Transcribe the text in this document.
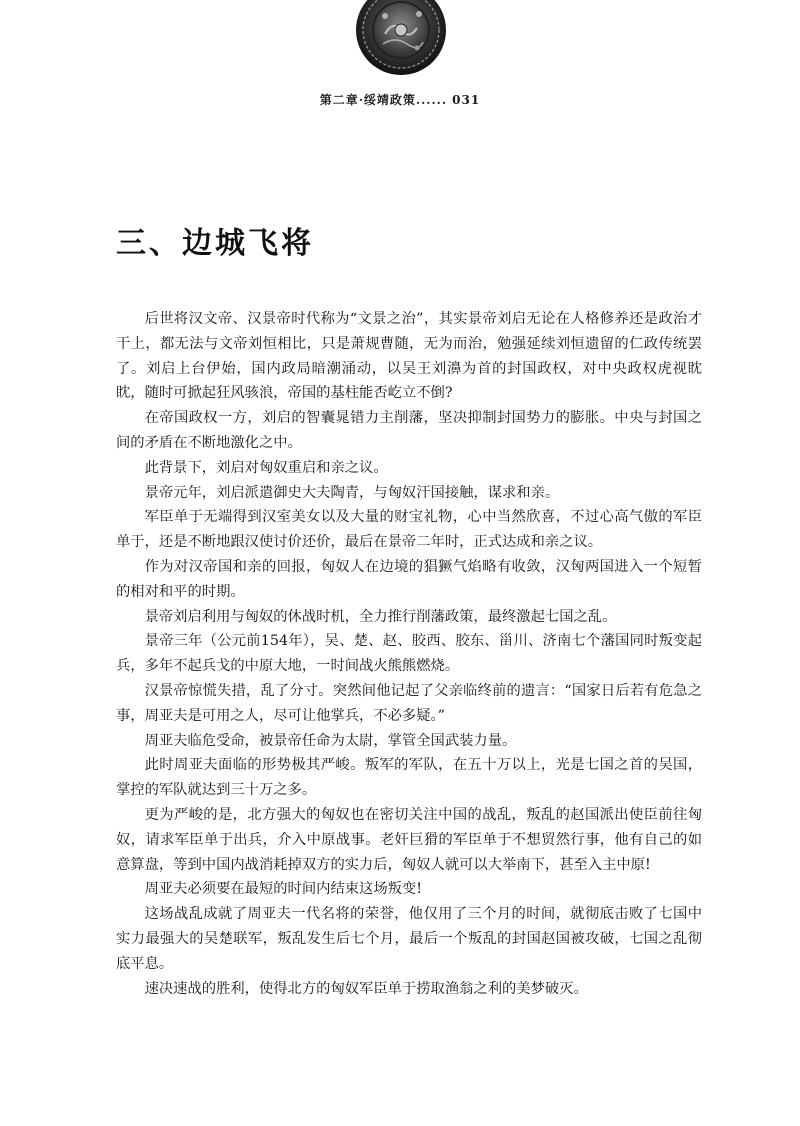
第二章·绥靖政策...... 031
三、边城飞将

后世将汉文帝、汉景帝时代称为“文景之治”，其实景帝刘启无论在人格修养还是政治才干上，都无法与文帝刘恒相比，只是萧规曹随，无为而治，勉强延续刘恒遗留的仁政传统罢了。刘启上台伊始，国内政局暗潮涌动，以吴王刘濞为首的封国政权，对中央政权虎视眈眈，随时可掀起狂风骇浪，帝国的基柱能否屹立不倒?

在帝国政权一方，刘启的智囊晁错力主削藩，坚决抑制封国势力的膨胀。中央与封国之间的矛盾在不断地激化之中。

此背景下，刘启对匈奴重启和亲之议。

景帝元年，刘启派遣御史大夫陶青，与匈奴汗国接触，谋求和亲。

军臣单于无端得到汉室美女以及大量的财宝礼物，心中当然欣喜，不过心高气傲的军臣单于，还是不断地跟汉使讨价还价，最后在景帝二年时，正式达成和亲之议。

作为对汉帝国和亲的回报，匈奴人在边境的猖獗气焰略有收敛，汉匈两国进入一个短暂的相对和平的时期。

景帝刘启利用与匈奴的休战时机，全力推行削藩政策，最终激起七国之乱。

景帝三年（公元前154年），吴、楚、赵、胶西、胶东、甾川、济南七个藩国同时叛变起兵，多年不起兵戈的中原大地，一时间战火熊熊燃烧。

汉景帝惊慌失措，乱了分寸。突然间他记起了父亲临终前的遗言：“国家日后若有危急之事，周亚夫是可用之人，尽可让他掌兵，不必多疑。”

周亚夫临危受命，被景帝任命为太尉，掌管全国武装力量。

此时周亚夫面临的形势极其严峻。叛军的军队，在五十万以上，光是七国之首的吴国，掌控的军队就达到三十万之多。

更为严峻的是，北方强大的匈奴也在密切关注中国的战乱，叛乱的赵国派出使臣前往匈奴，请求军臣单于出兵，介入中原战事。老奸巨猾的军臣单于不想贸然行事，他有自己的如意算盘，等到中国内战消耗掉双方的实力后，匈奴人就可以大举南下，甚至入主中原!

周亚夫必须要在最短的时间内结束这场叛变!

这场战乱成就了周亚夫一代名将的荣誉，他仅用了三个月的时间，就彻底击败了七国中实力最强大的吴楚联军，叛乱发生后七个月，最后一个叛乱的封国赵国被攻破，七国之乱彻底平息。

速决速战的胜利，使得北方的匈奴军臣单于捞取渔翁之利的美梦破灭。
